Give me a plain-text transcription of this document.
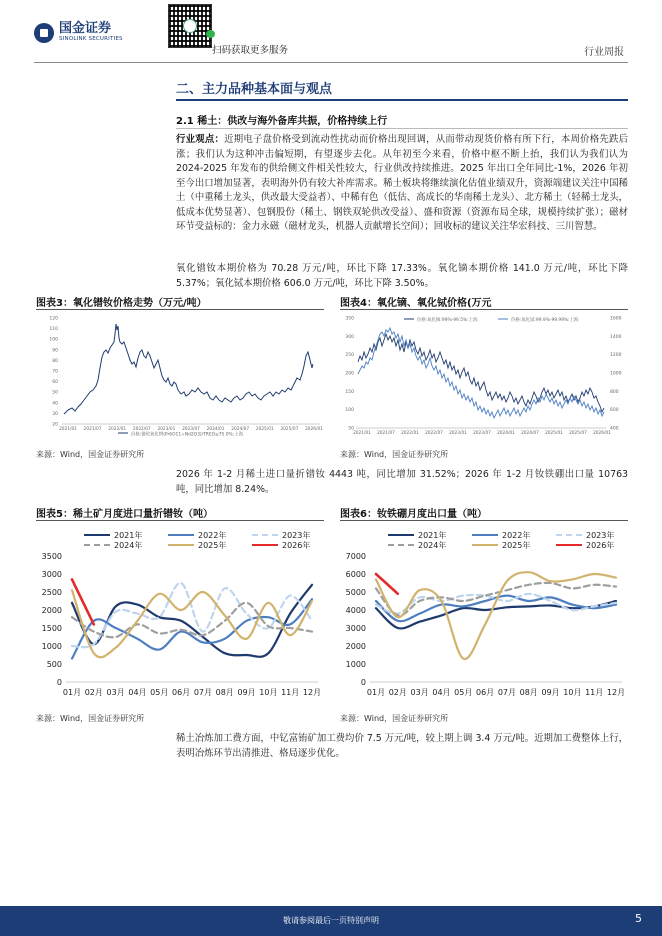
国金证券
SINOLINK SECURITIES
扫码获取更多服务	行业周报
二、主力品种基本面与观点
2.1 稀土：供改与海外备库共振，价格持续上行
行业观点：近期电子盘价格受到流动性扰动而价格出现回调，从而带动现货价格有所下行，本周价格先跌后涨；我们认为这种冲击偏短期，有望逐步去化。从年初至今来看，价格中枢不断上抬，我们认为我们认为 2024-2025 年发布的供给侧文件相关性较大，行业供改持续推进。2025 年出口全年同比-1%，2026 年初至今出口增加显著，表明海外仍有较大补库需求。稀土板块将继续演化估值业绩双升，资源端建议关注中国稀土（中重稀土龙头，供改最大受益者）、中稀有色（低估、高成长的华南稀土龙头）、北方稀土（轻稀土龙头，低成本优势显著）、包钢股份（稀土、钢铁双轮供改受益）、盛和资源（资源布局全球，规模持续扩张）；磁材环节受益标的：金力永磁（磁材龙头，机器人贡献增长空间）；回收标的建议关注华宏科技、三川智慧。
氧化镨钕本期价格为 70.28 万元/吨，环比下降 17.33%。氧化镝本期价格 141.0 万元/吨，环比下降 5.37%；氧化铽本期价格 606.0 万元/吨，环比下降 3.50%。
图表3：氧化镨钕价格走势（万元/吨）	图表4：氧化镝、氧化铽价格(万元
120
110
100
90
80
70
60
50
40
30
20
2021/01 2021/07 2022/01 2022/07 2023/01 2023/07 2024/01 2024/07 2025/01 2025/07 2026/01
价格:镨钕氧化物(Pr6O11+Nd2O3)/TREO≥75.0%:上海
350
300
250
200
150
100
50
1600
1400
1200
1000
800
600
400
2021/01 2021/07 2022/01 2022/07 2023/01 2023/07 2024/01 2024/07 2025/01 2025/07 2026/01
价格:氧化镝:99%-99.5%:上海	价格:氧化铽:99.9%-99.99%:上海
来源：Wind，国金证券研究所	来源：Wind，国金证券研究所
2026 年 1-2 月稀土进口量折镨钕 4443 吨，同比增加 31.52%；2026 年 1-2 月钕铁硼出口量 10763 吨，同比增加 8.24%。
图表5：稀土矿月度进口量折镨钕（吨）	图表6：钕铁硼月度出口量（吨）
2021年	2022年	2023年
2024年	2025年	2026年
3500
3000
2500
2000
1500
1000
500
0
01月 02月 03月 04月 05月 06月 07月 08月 09月 10月 11月 12月
2021年	2022年	2023年
2024年	2025年	2026年
7000
6000
5000
4000
3000
2000
1000
0
01月 02月 03月 04月 05月 06月 07月 08月 09月 10月 11月 12月
来源：Wind，国金证券研究所	来源：Wind，国金证券研究所
稀土冶炼加工费方面，中钇富铕矿加工费均价 7.5 万元/吨，较上期上调 3.4 万元/吨。近期加工费整体上行，表明冶炼环节出清推进、格局逐步优化。
敬请参阅最后一页特别声明	5
